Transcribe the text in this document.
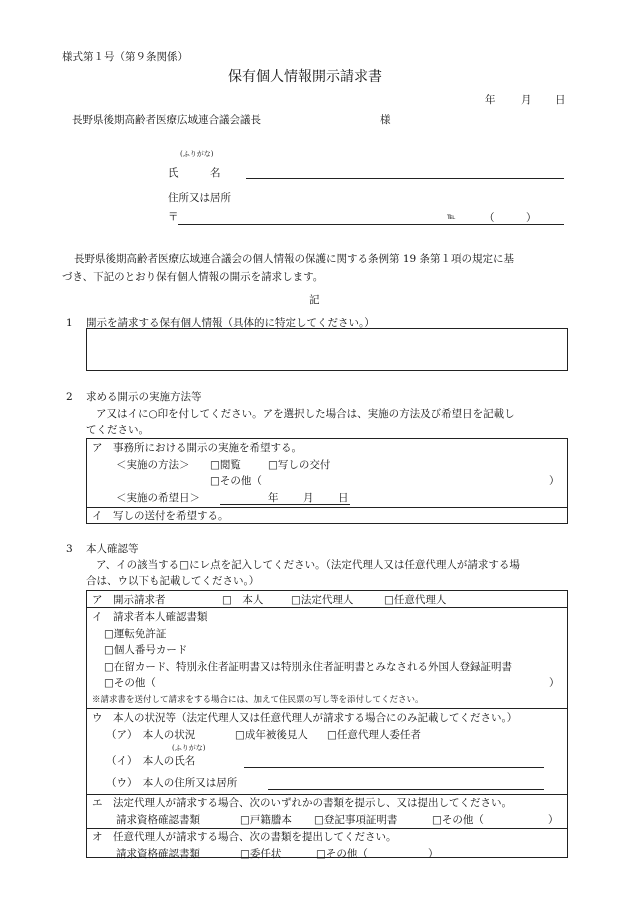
様式第１号（第９条関係）
保有個人情報開示請求書
年 月 日
長野県後期高齢者医療広域連合議会議長	様
(ふりがな)
氏　　　名
住所又は居所
〒	℡	（　　　）
長野県後期高齢者医療広域連合議会の個人情報の保護に関する条例第 19 条第１項の規定に基
づき、下記のとおり保有個人情報の開示を請求します。
記
1 開示を請求する保有個人情報（具体的に特定してください。）
2 求める開示の実施方法等
ア又はイに○印を付してください。アを選択した場合は、実施の方法及び希望日を記載し
てください。
ア　事務所における開示の実施を希望する。
＜実施の方法＞ □閲覧	□写しの交付
□その他（	）
＜実施の希望日＞	年 月 日
イ　写しの送付を希望する。
3 本人確認等
ア、イの該当する□にレ点を記入してください。（法定代理人又は任意代理人が請求する場
合は、ウ以下も記載してください。）
ア　開示請求者	□　本人	□法定代理人	□任意代理人
イ　請求者本人確認書類
□運転免許証
□個人番号カード
□在留カード、特別永住者証明書又は特別永住者証明書とみなされる外国人登録証明書
□その他（	）
※請求書を送付して請求をする場合には、加えて住民票の写し等を添付してください。
ウ　本人の状況等（法定代理人又は任意代理人が請求する場合にのみ記載してください。）
（ア）　本人の状況	□成年被後見人 □任意代理人委任者
(ふりがな)
（イ）　本人の氏名
（ウ）　本人の住所又は居所
エ　法定代理人が請求する場合、次のいずれかの書類を提示し、又は提出してください。
請求資格確認書類	□戸籍謄本 □登記事項証明書	□その他（	）
オ　任意代理人が請求する場合、次の書類を提出してください。
請求資格確認書類	□委任状	□その他（	）
